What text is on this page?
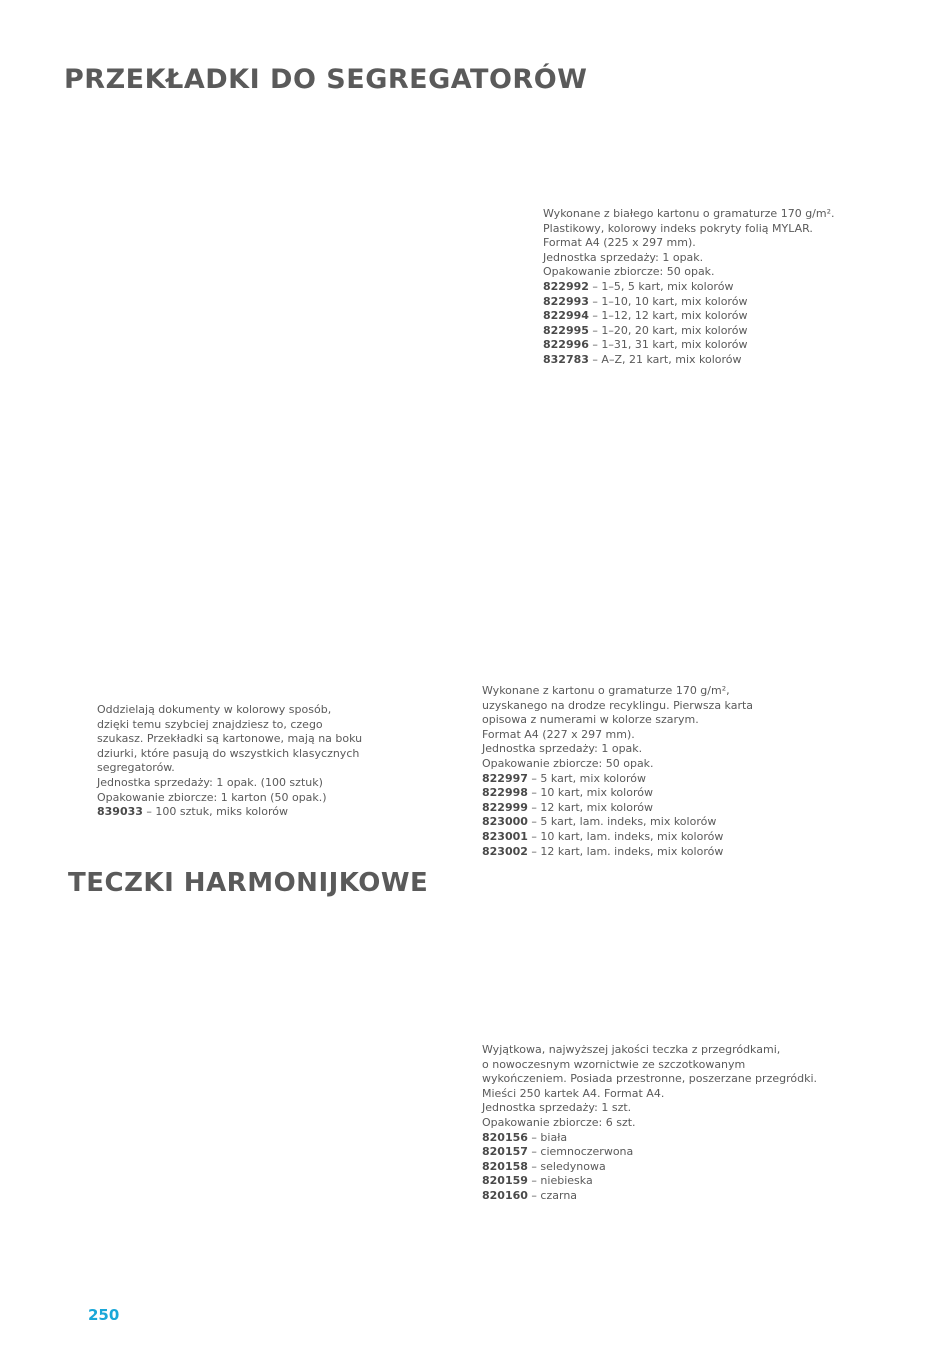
PRZEKŁADKI DO SEGREGATORÓW

Wykonane z białego kartonu o gramaturze 170 g/m².

Plastikowy, kolorowy indeks pokryty folią MYLAR.

Format A4 (225 x 297 mm).

Jednostka sprzedaży: 1 opak.

Opakowanie zbiorcze: 50 opak.

822992 – 1–5, 5 kart, mix kolorów

822993 – 1–10, 10 kart, mix kolorów

822994 – 1–12, 12 kart, mix kolorów

822995 – 1–20, 20 kart, mix kolorów

822996 – 1–31, 31 kart, mix kolorów

832783 – A–Z, 21 kart, mix kolorów

Oddzielają dokumenty w kolorowy sposób,

dzięki temu szybciej znajdziesz to, czego

szukasz. Przekładki są kartonowe, mają na boku

dziurki, które pasują do wszystkich klasycznych

segregatorów.

Jednostka sprzedaży: 1 opak. (100 sztuk)

Opakowanie zbiorcze: 1 karton (50 opak.)

839033 – 100 sztuk, miks kolorów

Wykonane z kartonu o gramaturze 170 g/m²,

uzyskanego na drodze recyklingu. Pierwsza karta

opisowa z numerami w kolorze szarym.

Format A4 (227 x 297 mm).

Jednostka sprzedaży: 1 opak.

Opakowanie zbiorcze: 50 opak.

822997 – 5 kart, mix kolorów

822998 – 10 kart, mix kolorów

822999 – 12 kart, mix kolorów

823000 – 5 kart, lam. indeks, mix kolorów

823001 – 10 kart, lam. indeks, mix kolorów

823002 – 12 kart, lam. indeks, mix kolorów

TECZKI HARMONIJKOWE

Wyjątkowa, najwyższej jakości teczka z przegródkami,

o nowoczesnym wzornictwie ze szczotkowanym

wykończeniem. Posiada przestronne, poszerzane przegródki.

Mieści 250 kartek A4. Format A4.

Jednostka sprzedaży: 1 szt.

Opakowanie zbiorcze: 6 szt.

820156 – biała

820157 – ciemnoczerwona

820158 – seledynowa

820159 – niebieska

820160 – czarna

250
